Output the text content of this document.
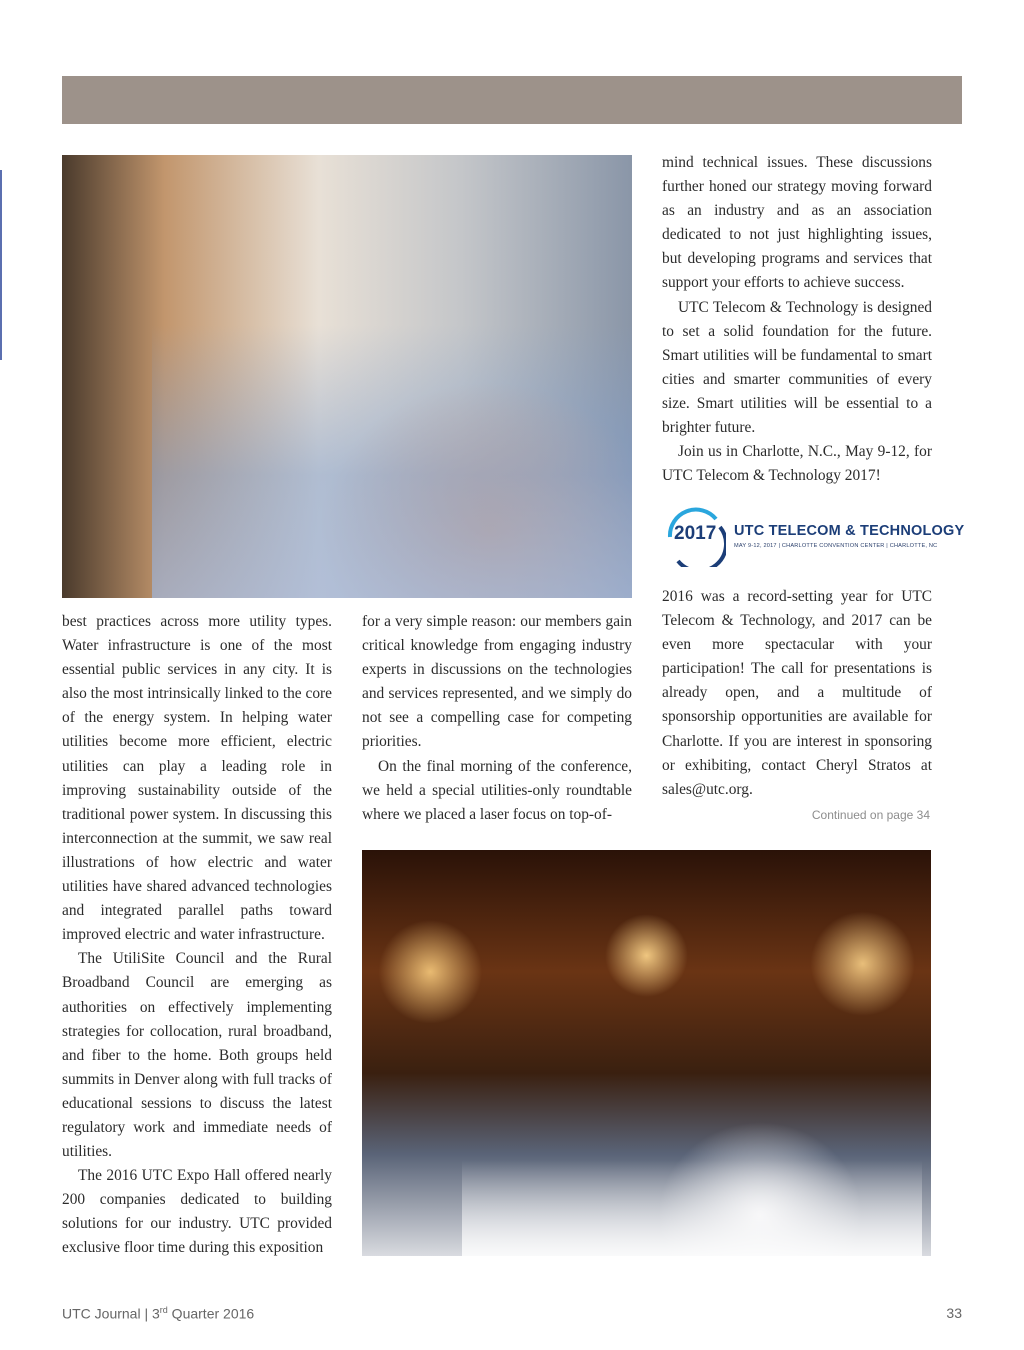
best practices across more utility types. Water infrastructure is one of the most essential public services in any city. It is also the most intrinsically linked to the core of the energy system. In helping water utilities become more efficient, electric utilities can play a leading role in improving sustainability outside of the traditional power system. In discussing this interconnection at the summit, we saw real illustrations of how electric and water utilities have shared advanced technologies and integrated parallel paths toward improved electric and water infrastructure.

The UtiliSite Council and the Rural Broadband Council are emerging as authorities on effectively implementing strategies for collocation, rural broadband, and fiber to the home. Both groups held summits in Denver along with full tracks of educational sessions to discuss the latest regulatory work and immediate needs of utilities.

The 2016 UTC Expo Hall offered nearly 200 companies dedicated to building solutions for our industry. UTC provided exclusive floor time during this exposition

for a very simple reason: our members gain critical knowledge from engaging industry experts in discussions on the technologies and services represented, and we simply do not see a compelling case for competing priorities.

On the final morning of the conference, we held a special utilities-only roundtable where we placed a laser focus on top-of-

mind technical issues. These discussions further honed our strategy moving forward as an industry and as an association dedicated to not just highlighting issues, but developing programs and services that support your efforts to achieve success.

UTC Telecom & Technology is designed to set a solid foundation for the future. Smart utilities will be fundamental to smart cities and smarter communities of every size. Smart utilities will be essential to a brighter future.

Join us in Charlotte, N.C., May 9-12, for UTC Telecom & Technology 2017!

2017 UTC TELECOM & TECHNOLOGY
MAY 9-12, 2017 | CHARLOTTE CONVENTION CENTER | CHARLOTTE, NC

2016 was a record-setting year for UTC Telecom & Technology, and 2017 can be even more spectacular with your participation! The call for presentations is already open, and a multitude of sponsorship opportunities are available for Charlotte. If you are interest in sponsoring or exhibiting, contact Cheryl Stratos at sales@utc.org.

Continued on page 34
UTC Journal | 3rd Quarter 2016	33
